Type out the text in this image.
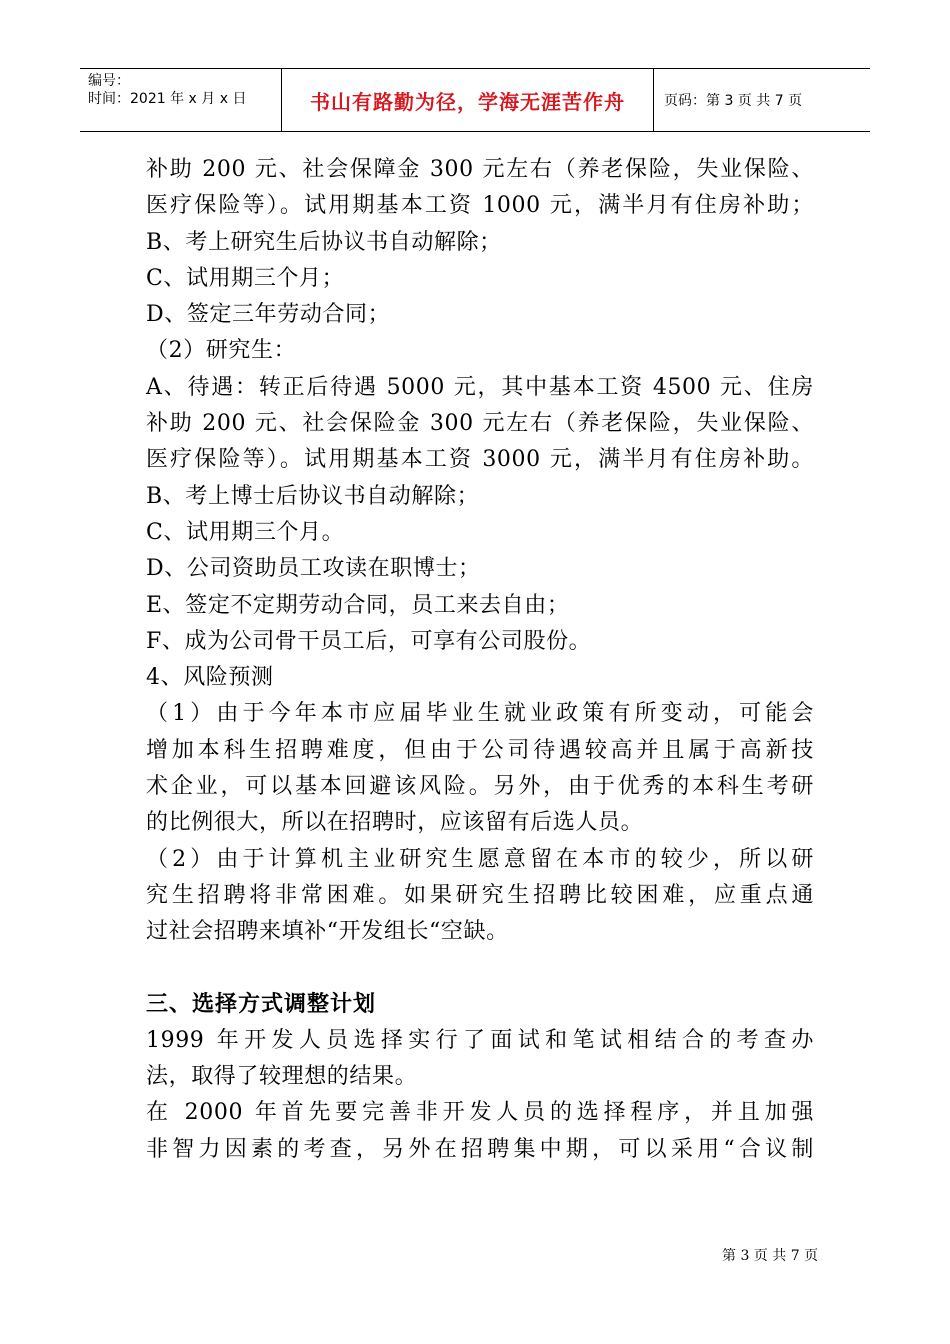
编号：
时间：2021 年 x 月 x 日	书山有路勤为径，学海无涯苦作舟	页码：第 3 页 共 7 页
补助 200 元、社会保障金 300 元左右（养老保险，失业保险、
医疗保险等）。试用期基本工资 1000 元，满半月有住房补助；
B、考上研究生后协议书自动解除；
C、试用期三个月；
D、签定三年劳动合同；
（2）研究生：
A、待遇：转正后待遇 5000 元，其中基本工资 4500 元、住房
补助 200 元、社会保险金 300 元左右（养老保险，失业保险、
医疗保险等）。试用期基本工资 3000 元，满半月有住房补助。
B、考上博士后协议书自动解除；
C、试用期三个月。
D、公司资助员工攻读在职博士；
E、签定不定期劳动合同，员工来去自由；
F、成为公司骨干员工后，可享有公司股份。
4、风险预测
（1）由于今年本市应届毕业生就业政策有所变动，可能会
增加本科生招聘难度，但由于公司待遇较高并且属于高新技
术企业，可以基本回避该风险。另外，由于优秀的本科生考研
的比例很大，所以在招聘时，应该留有后选人员。
（2）由于计算机主业研究生愿意留在本市的较少，所以研
究生招聘将非常困难。如果研究生招聘比较困难，应重点通
过社会招聘来填补“开发组长“空缺。
三、选择方式调整计划
1999 年开发人员选择实行了面试和笔试相结合的考查办
法，取得了较理想的结果。
在 2000 年首先要完善非开发人员的选择程序，并且加强
非智力因素的考查，另外在招聘集中期，可以采用“合议制
第 3 页 共 7 页
